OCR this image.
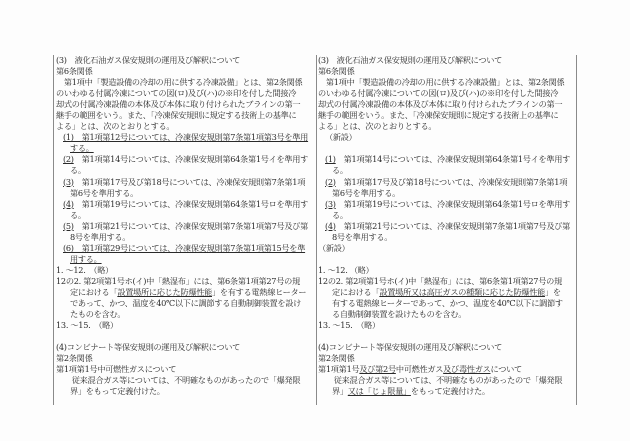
(3)　液化石油ガス保安規則の運用及び解釈について
第6条関係
　第1項中「製造設備の冷却の用に供する冷凍設備」とは、第2条関係
のいわゆる付属冷凍についての図(ロ)及び(ハ)の※印を付した間接冷
却式の付属冷凍設備の本体及び本体に取り付けられたブラインの第一
継手の範囲をいう。また、「冷凍保安規則に規定する技術上の基準に
よる」とは、次のとおりとする。
(1)　第1項第12号については、冷凍保安規則第7条第1項第3号を準用
する。
(2)　第1項第14号については、冷凍保安規則第64条第1号イを準用す
る。
(3)　第1項第17号及び第18号については、冷凍保安規則第7条第1項
第6号を準用する。
(4)　第1項第19号については、冷凍保安規則第64条第1号ロを準用す
る。
(5)　第1項第21号については、冷凍保安規則第7条第1項第7号及び第
8号を準用する。
(6)　第1項第29号については、冷凍保安規則第7条第1項第15号を準
用する。
1. ～12.　（略）
12の2. 第2項第1号ホ(イ)中「熱湿布」には、第6条第1項第27号の規
定における「設置場所に応じた防爆性能」を有する電熱線ヒーター
であって、かつ、温度を40℃以下に調節する自動制御装置を設け
たものを含む。
13. ～15.　（略）
(4)コンビナート等保安規則の運用及び解釈について
第2条関係
第1項第1号中可燃性ガスについて
　　従来混合ガス等については、不明確なものがあったので「爆発限
界」をもって定義付けた。
(3)　液化石油ガス保安規則の運用及び解釈について
第6条関係
　第1項中「製造設備の冷却の用に供する冷凍設備」とは、第2条関係
のいわゆる付属冷凍についての図(ロ)及び(ハ)の※印を付した間接冷
却式の付属冷凍設備の本体及び本体に取り付けられたブラインの第一
継手の範囲をいう。また、「冷凍保安規則に規定する技術上の基準に
よる」とは、次のとおりとする。
（新設）
(1)　第1項第14号については、冷凍保安規則第64条第1号イを準用す
る。
(2)　第1項第17号及び第18号については、冷凍保安規則第7条第1項
第6号を準用する。
(3)　第1項第19号については、冷凍保安規則第64条第1号ロを準用す
る。
(4)　第1項第21号については、冷凍保安規則第7条第1項第7号及び第
8号を準用する。
（新設）
1. ～12. （略）
12の2. 第2項第1号ホ(イ)中「熱湿布」には、第6条第1項第27号の規
定における「設置場所又は高圧ガスの種類に応じた防爆性能」を
有する電熱線ヒーターであって、かつ、温度を40℃以下に調節す
る自動制御装置を設けたものを含む。
13. ～15.　（略）
(4)コンビナート等保安規則の運用及び解釈について
第2条関係
第1項第1号及び第2号中可燃性ガス及び毒性ガスについて
　　従来混合ガス等については、不明確なものがあったので「爆発限
界」又は「じょ限量」をもって定義付けた。
